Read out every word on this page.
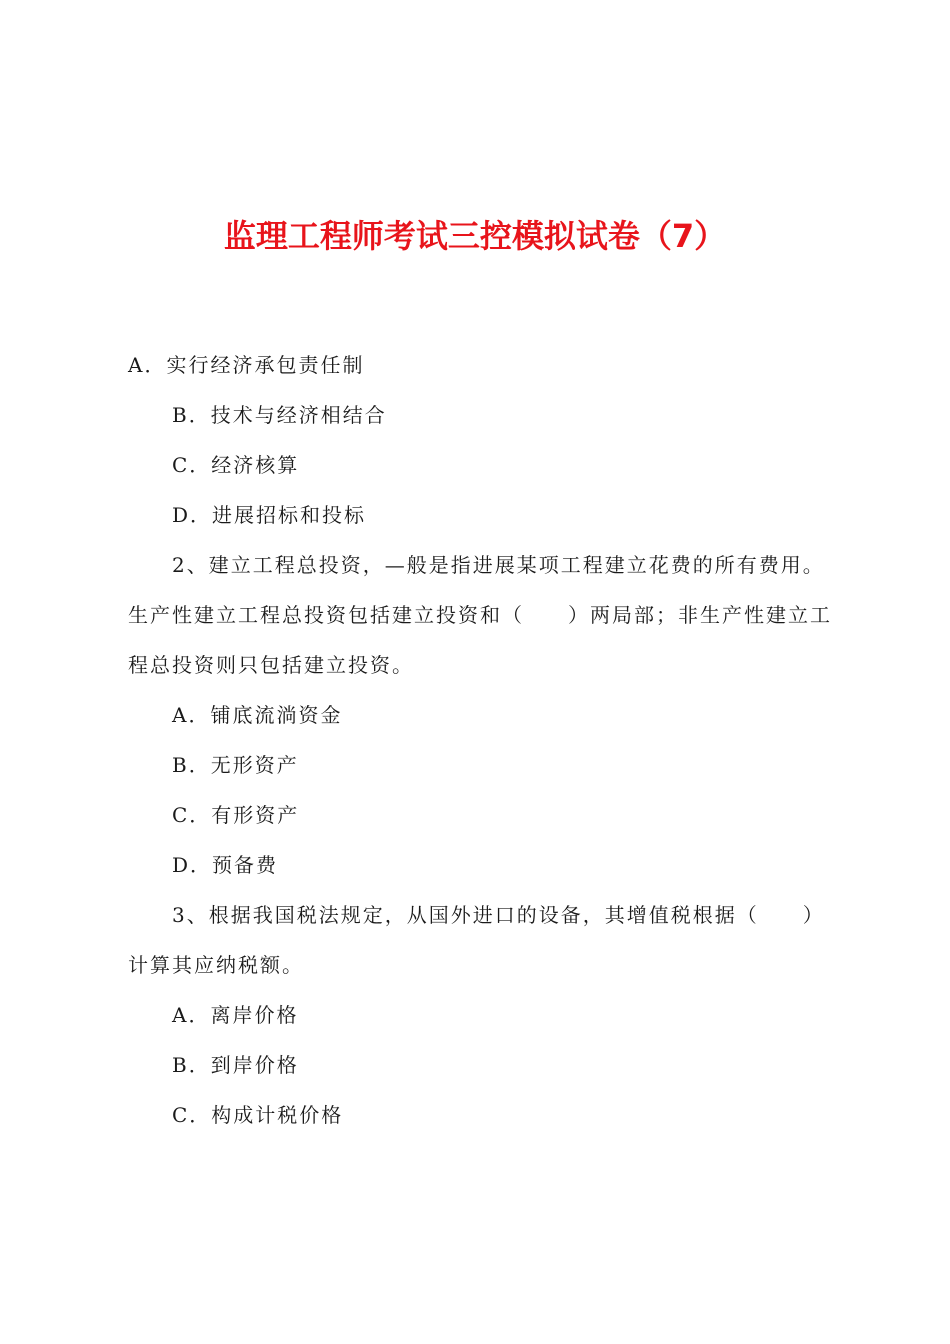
监理工程师考试三控模拟试卷（7）
A．实行经济承包责任制
B．技术与经济相结合
C．经济核算
D．进展招标和投标
2、建立工程总投资，—般是指进展某项工程建立花费的所有费用。生产性建立工程总投资包括建立投资和（　　）两局部；非生产性建立工程总投资则只包括建立投资。
A．铺底流淌资金
B．无形资产
C．有形资产
D．预备费
3、根据我国税法规定，从国外进口的设备，其增值税根据（　　）计算其应纳税额。
A．离岸价格
B．到岸价格
C．构成计税价格
